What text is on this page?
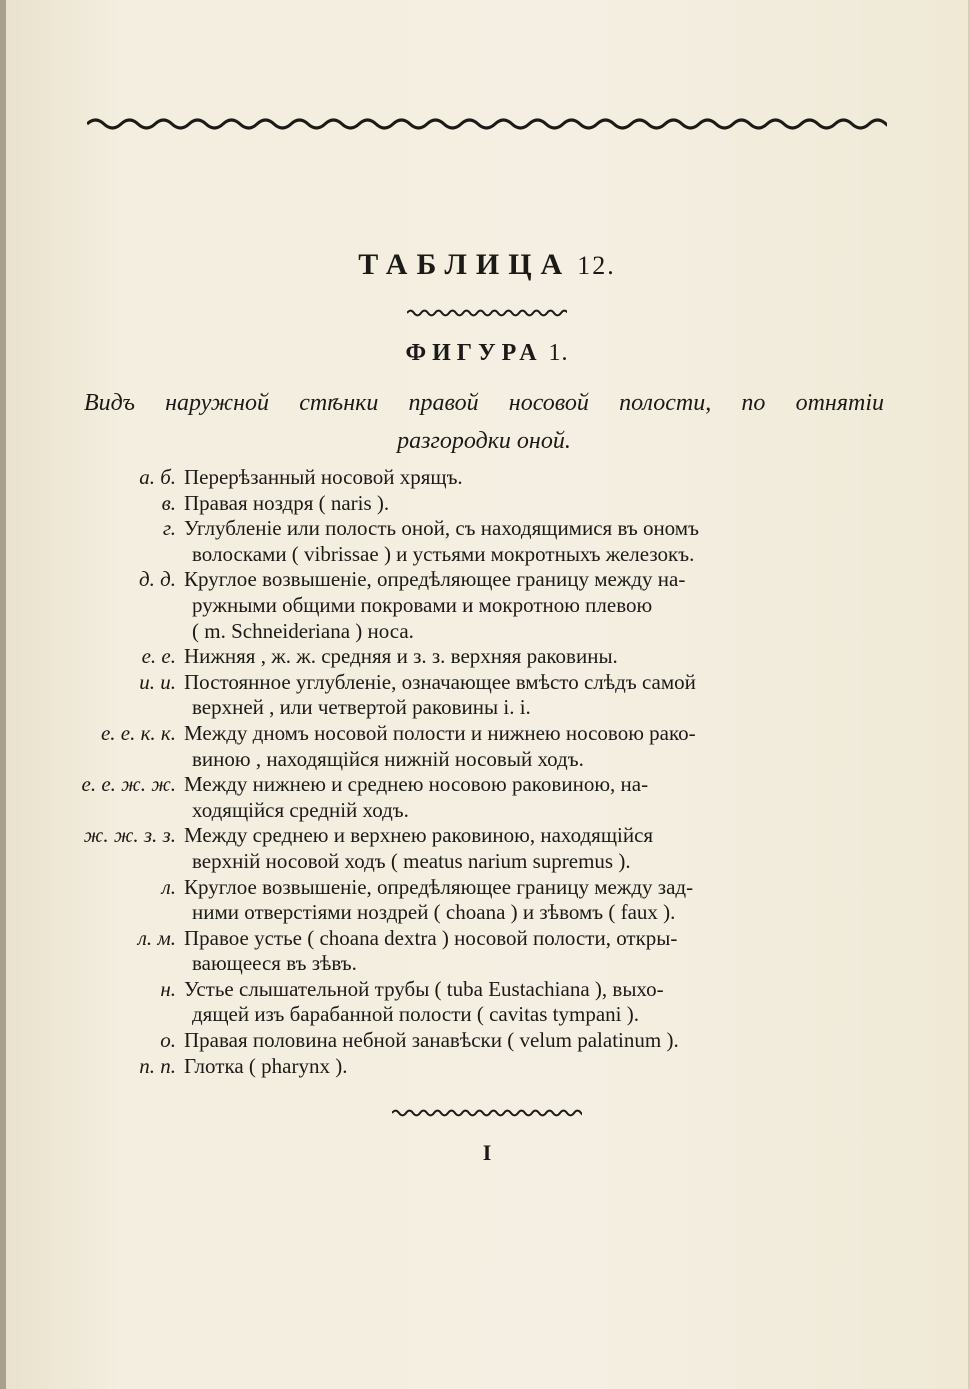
ТАБЛИЦА 12.
ФИГУРА 1.
Видъ наружной стѣнки правой носовой полости, по отнятіи
разгородки оной.
а. б. Перерѣзанный носовой хрящъ.
в. Правая ноздря ( naris ).
г. Углубленіе или полость оной, съ находящимися въ ономъ
волосками ( vibrissae ) и устьями мокротныхъ железокъ.
д. д. Круглое возвышеніе, опредѣляющее границу между на-
ружными общими покровами и мокротною плевою
( m. Schneideriana ) носа.
е. е. Нижняя , ж. ж. средняя и з. з. верхняя раковины.
и. и. Постоянное углубленіе, означающее вмѣсто слѣдъ самой
верхней , или четвертой раковины і. і.
е. е. к. к. Между дномъ носовой полости и нижнею носовою рако-
виною , находящійся нижній носовый ходъ.
е. е. ж. ж. Между нижнею и среднею носовою раковиною, на-
ходящійся средній ходъ.
ж. ж. з. з. Между среднею и верхнею раковиною, находящійся
верхній носовой ходъ ( meatus narium supremus ).
л. Круглое возвышеніе, опредѣляющее границу между зад-
ними отверстіями ноздрей ( choana ) и зѣвомъ ( faux ).
л. м. Правое устье ( choana dextra ) носовой полости, откры-
вающееся въ зѣвъ.
н. Устье слышательной трубы ( tuba Eustachiana ), выхо-
дящей изъ барабанной полости ( cavitas tympani ).
о. Правая половина небной занавѣски ( velum palatinum ).
п. п. Глотка ( pharynx ).
I
